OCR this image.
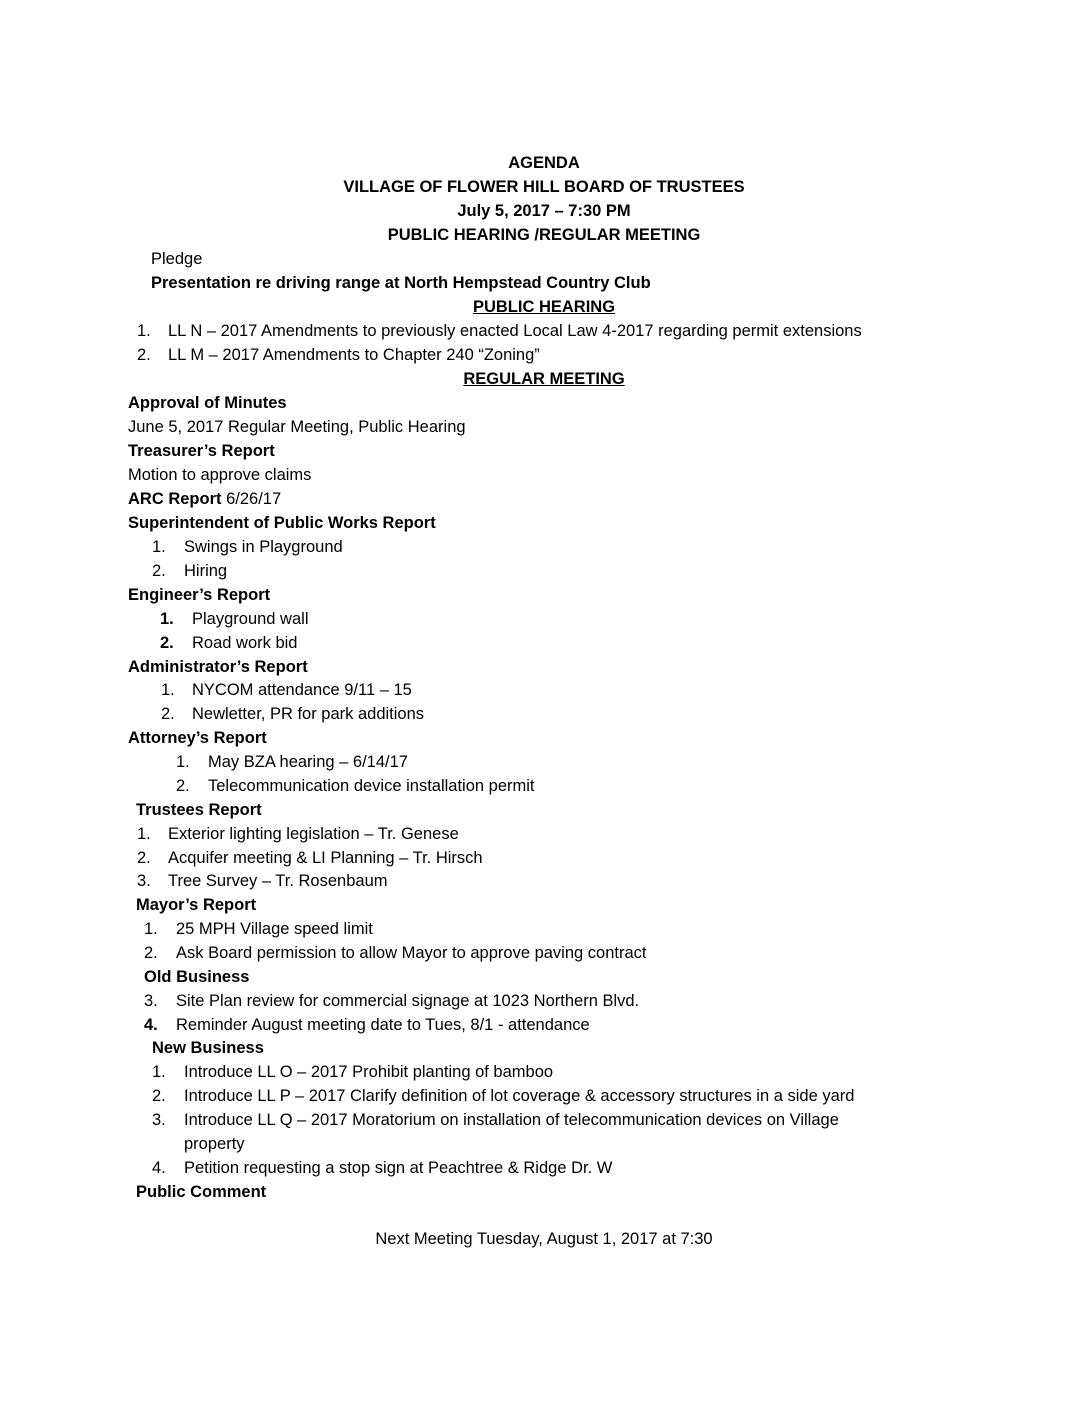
AGENDA
VILLAGE OF FLOWER HILL BOARD OF TRUSTEES
July 5, 2017 – 7:30 PM
PUBLIC HEARING /REGULAR MEETING
Pledge
Presentation re driving range at North Hempstead Country Club
PUBLIC HEARING
1. LL N – 2017 Amendments to previously enacted Local Law 4-2017 regarding permit extensions
2. LL M – 2017 Amendments to Chapter 240 “Zoning”
REGULAR MEETING
Approval of Minutes
June 5, 2017 Regular Meeting, Public Hearing
Treasurer’s Report
Motion to approve claims
ARC Report 6/26/17
Superintendent of Public Works Report
1. Swings in Playground
2. Hiring
Engineer’s Report
1. Playground wall
2. Road work bid
Administrator’s Report
1. NYCOM attendance 9/11 – 15
2. Newletter, PR for park additions
Attorney’s Report
1. May BZA hearing – 6/14/17
2. Telecommunication device installation permit
Trustees Report
1. Exterior lighting legislation – Tr. Genese
2. Acquifer meeting & LI Planning – Tr. Hirsch
3. Tree Survey – Tr. Rosenbaum
Mayor’s Report
1. 25 MPH Village speed limit
2. Ask Board permission to allow Mayor to approve paving contract
Old Business
3. Site Plan review for commercial signage at 1023 Northern Blvd.
4. Reminder August meeting date to Tues, 8/1 - attendance
New Business
1. Introduce LL O – 2017 Prohibit planting of bamboo
2. Introduce LL P – 2017 Clarify definition of lot coverage & accessory structures in a side yard
3. Introduce LL Q – 2017 Moratorium on installation of telecommunication devices on Village
property
4. Petition requesting a stop sign at Peachtree & Ridge Dr. W
Public Comment
Next Meeting Tuesday, August 1, 2017 at 7:30
